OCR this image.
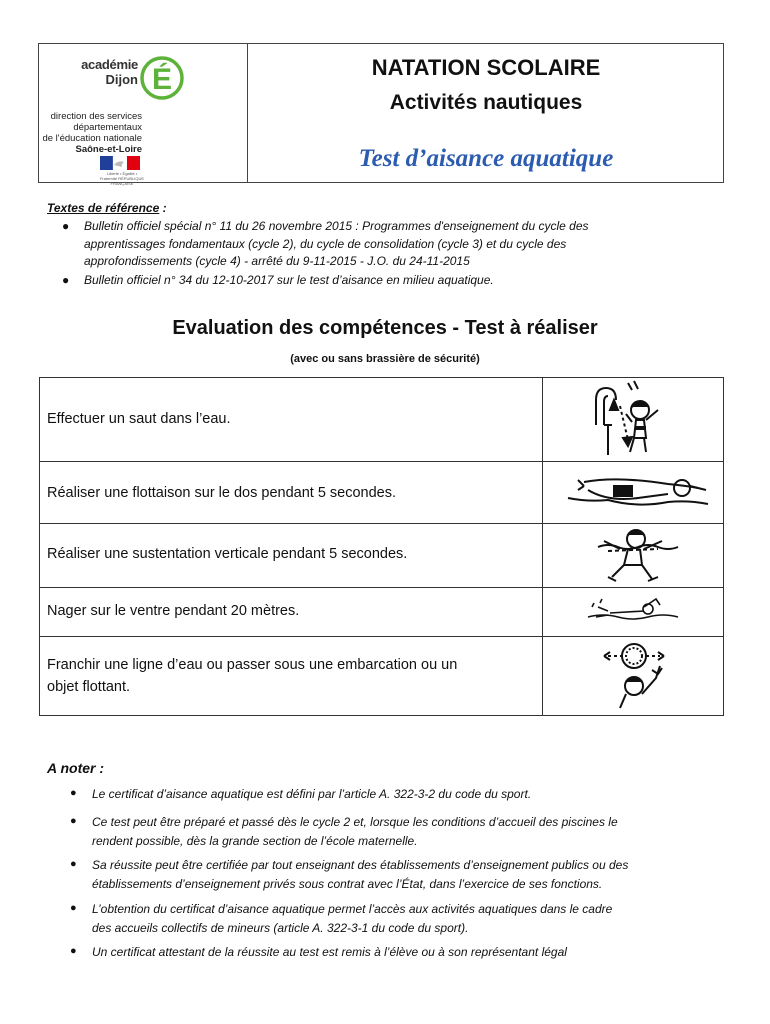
académie
Dijon É
direction des services
départementaux
de l'éducation nationale
Saône-et-Loire
Liberté • Égalité • Fraternité RÉPUBLIQUE FRANÇAISE
NATATION SCOLAIRE
Activités nautiques
Test d’aisance aquatique
Textes de référence :
● Bulletin officiel spécial n° 11 du 26 novembre 2015 : Programmes d'enseignement du cycle des
apprentissages fondamentaux (cycle 2), du cycle de consolidation (cycle 3) et du cycle des
approfondissements (cycle 4) - arrêté du 9-11-2015 - J.O. du 24-11-2015
● Bulletin officiel n° 34 du 12-10-2017 sur le test d’aisance en milieu aquatique.
Evaluation des compétences - Test à réaliser
(avec ou sans brassière de sécurité)
Effectuer un saut dans l’eau.
Réaliser une flottaison sur le dos pendant 5 secondes.
Réaliser une sustentation verticale pendant 5 secondes.
Nager sur le ventre pendant 20 mètres.
Franchir une ligne d’eau ou passer sous une embarcation ou un
objet flottant.
A noter :
● Le certificat d’aisance aquatique est défini par l’article A. 322-3-2 du code du sport.
● Ce test peut être préparé et passé dès le cycle 2 et, lorsque les conditions d’accueil des piscines le
rendent possible, dès la grande section de l’école maternelle.
● Sa réussite peut être certifiée par tout enseignant des établissements d’enseignement publics ou des
établissements d’enseignement privés sous contrat avec l’État, dans l’exercice de ses fonctions.
● L’obtention du certificat d’aisance aquatique permet l’accès aux activités aquatiques dans le cadre
des accueils collectifs de mineurs (article A. 322-3-1 du code du sport).
● Un certificat attestant de la réussite au test est remis à l’élève ou à son représentant légal
